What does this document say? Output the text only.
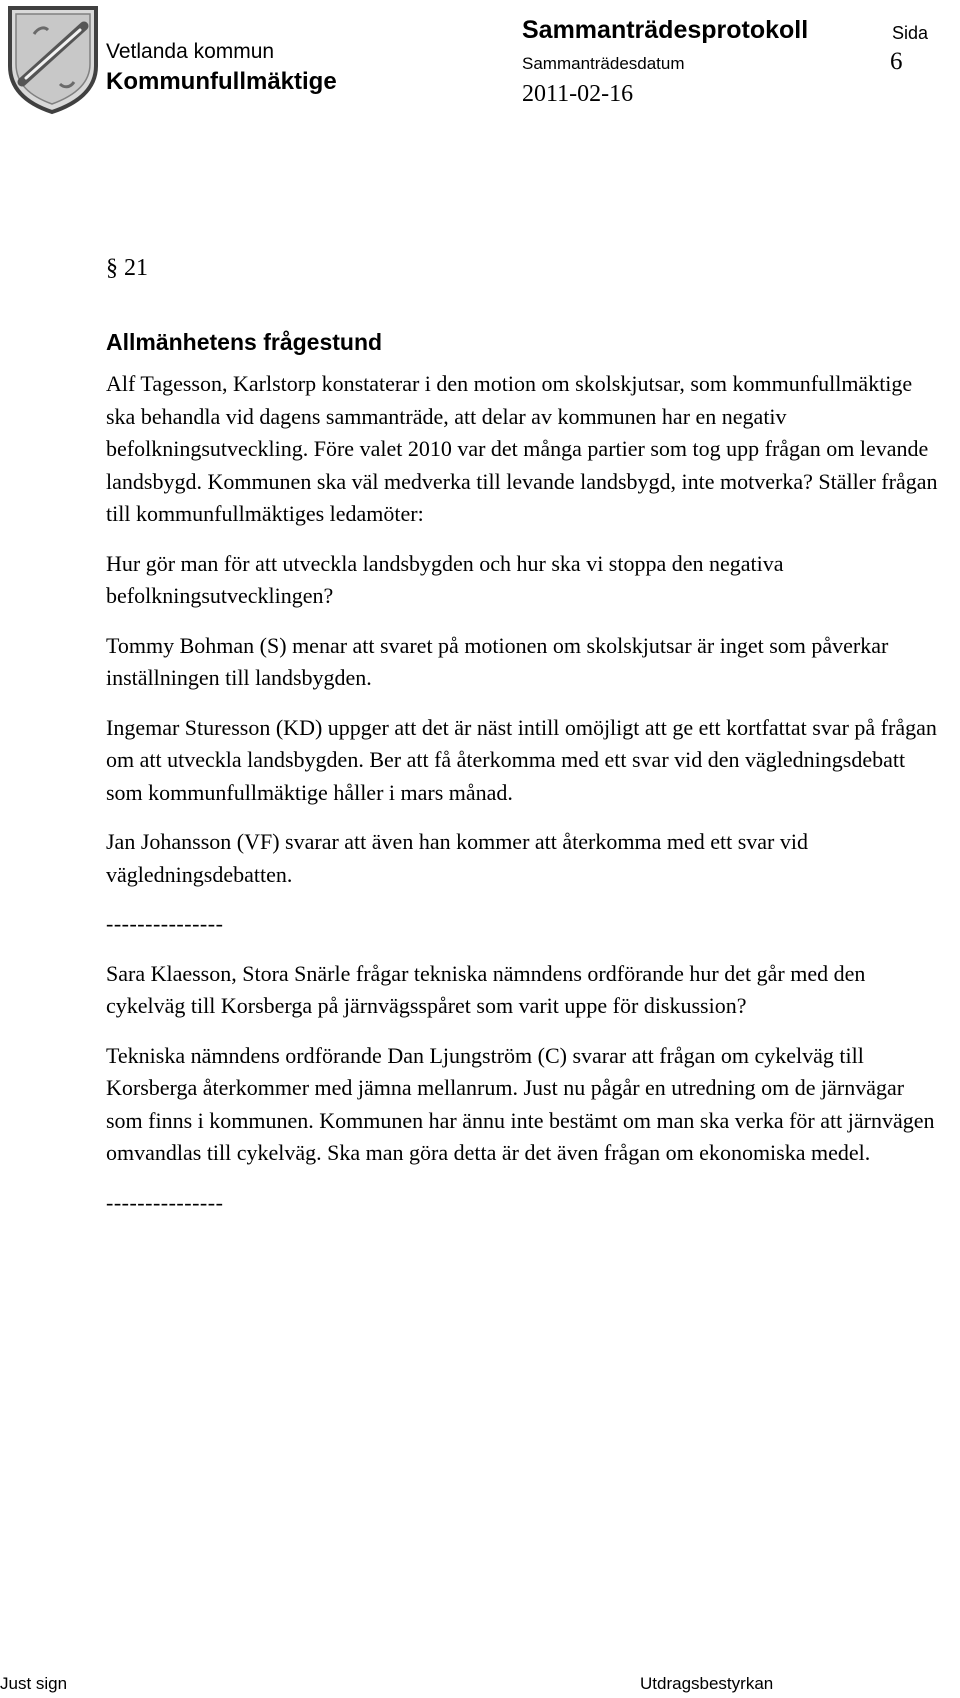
Vetlanda kommun
Kommunfullmäktige
Sammanträdesprotokoll	Sida
Sammanträdesdatum	6
2011-02-16
§ 21
Allmänhetens frågestund

Alf Tagesson, Karlstorp konstaterar i den motion om skolskjutsar, som kommunfullmäktige ska behandla vid dagens sammanträde, att delar av kommunen har en negativ befolkningsutveckling. Före valet 2010 var det många partier som tog upp frågan om levande landsbygd. Kommunen ska väl medverka till levande landsbygd, inte motverka? Ställer frågan till kommunfullmäktiges ledamöter:

Hur gör man för att utveckla landsbygden och hur ska vi stoppa den negativa befolkningsutvecklingen?

Tommy Bohman (S) menar att svaret på motionen om skolskjutsar är inget som påverkar inställningen till landsbygden.

Ingemar Sturesson (KD) uppger att det är näst intill omöjligt att ge ett kortfattat svar på frågan om att utveckla landsbygden. Ber att få återkomma med ett svar vid den vägledningsdebatt som kommunfullmäktige håller i mars månad.

Jan Johansson (VF) svarar att även han kommer att återkomma med ett svar vid vägledningsdebatten.

---------------

Sara Klaesson, Stora Snärle frågar tekniska nämndens ordförande hur det går med den cykelväg till Korsberga på järnvägsspåret som varit uppe för diskussion?

Tekniska nämndens ordförande Dan Ljungström (C) svarar att frågan om cykelväg till Korsberga återkommer med jämna mellanrum. Just nu pågår en utredning om de järnvägar som finns i kommunen. Kommunen har ännu inte bestämt om man ska verka för att järnvägen omvandlas till cykelväg. Ska man göra detta är det även frågan om ekonomiska medel.

---------------

Just sign	Utdragsbestyrkan
